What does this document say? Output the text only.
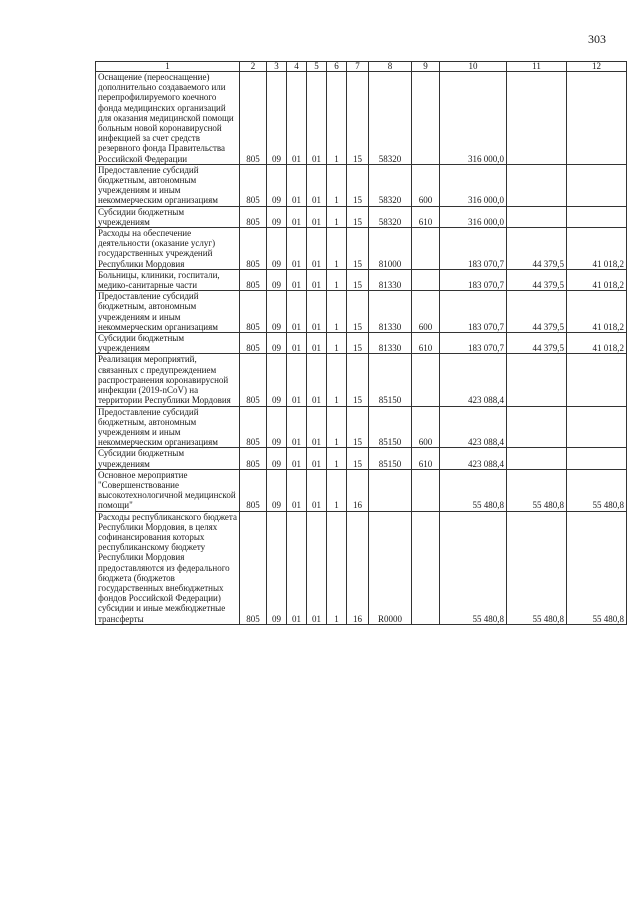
303
1	2	3	4	5	6	7	8	9	10	11	12
Оснащение (переоснащение) дополнительно создаваемого или перепрофилируемого коечного фонда медицинских организаций для оказания медицинской помощи больным новой коронавирусной инфекцией за счет средств резервного фонда Правительства Российской Федерации	805	09	01	01	1	15	58320		316 000,0		
Предоставление субсидий бюджетным, автономным учреждениям и иным некоммерческим организациям	805	09	01	01	1	15	58320	600	316 000,0		
Субсидии бюджетным учреждениям	805	09	01	01	1	15	58320	610	316 000,0		
Расходы на обеспечение деятельности (оказание услуг) государственных учреждений Республики Мордовия	805	09	01	01	1	15	81000		183 070,7	44 379,5	41 018,2
Больницы, клиники, госпитали, медико-санитарные части	805	09	01	01	1	15	81330		183 070,7	44 379,5	41 018,2
Предоставление субсидий бюджетным, автономным учреждениям и иным некоммерческим организациям	805	09	01	01	1	15	81330	600	183 070,7	44 379,5	41 018,2
Субсидии бюджетным учреждениям	805	09	01	01	1	15	81330	610	183 070,7	44 379,5	41 018,2
Реализация мероприятий, связанных с предупреждением распространения коронавирусной инфекции (2019-nCoV) на территории Республики Мордовия	805	09	01	01	1	15	85150		423 088,4		
Предоставление субсидий бюджетным, автономным учреждениям и иным некоммерческим организациям	805	09	01	01	1	15	85150	600	423 088,4		
Субсидии бюджетным учреждениям	805	09	01	01	1	15	85150	610	423 088,4		
Основное мероприятие "Совершенствование высокотехнологичной медицинской помощи"	805	09	01	01	1	16			55 480,8	55 480,8	55 480,8
Расходы республиканского бюджета Республики Мордовия, в целях софинансирования которых республиканскому бюджету Республики Мордовия предоставляются из федерального бюджета (бюджетов государственных внебюджетных фондов Российской Федерации) субсидии и иные межбюджетные трансферты	805	09	01	01	1	16	R0000		55 480,8	55 480,8	55 480,8
